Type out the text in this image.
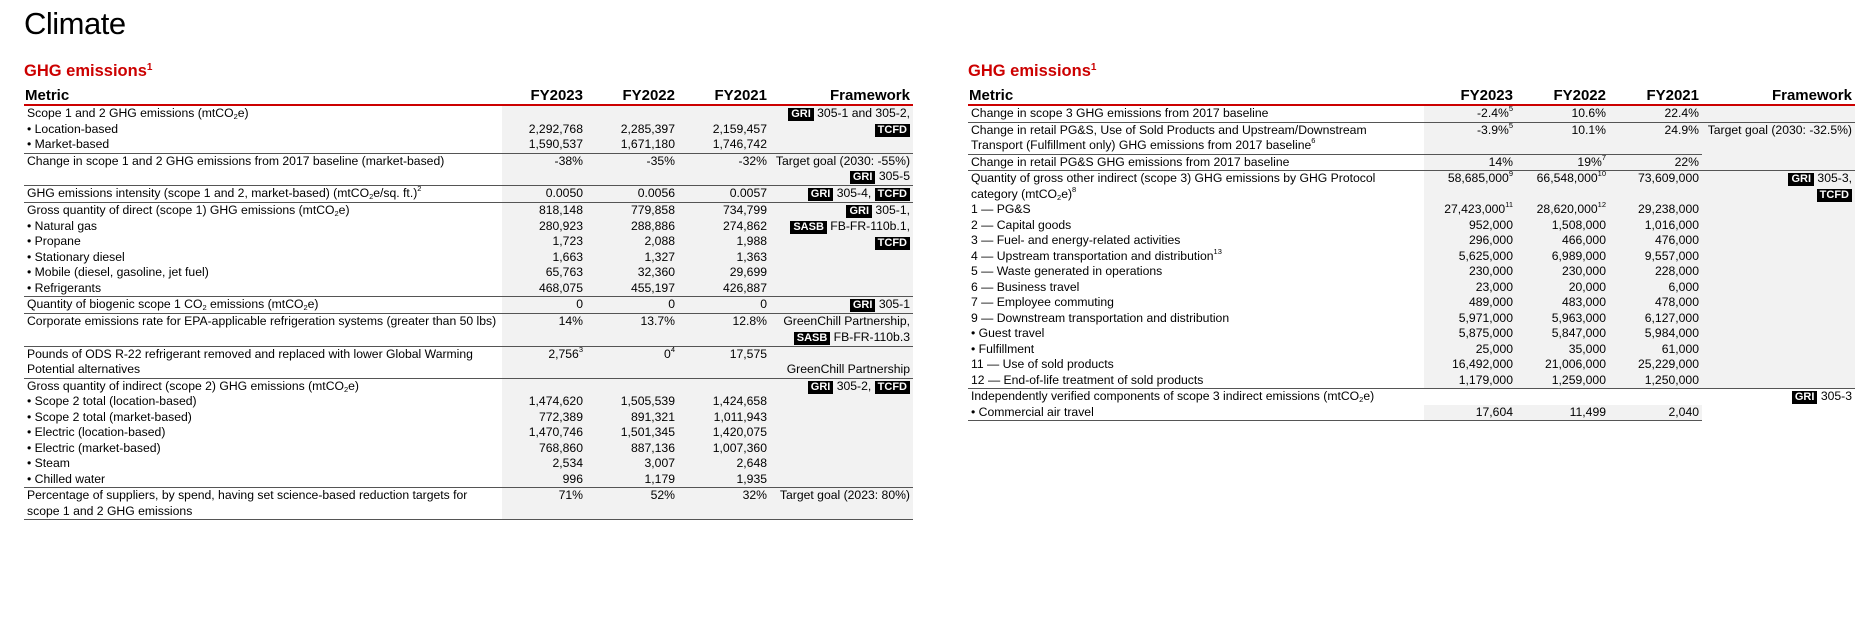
Climate
GHG emissions$^1$
Metric	FY2023	FY2022	FY2021	Framework
Scope 1 and 2 GHG emissions (mtCO$_2$e)				GRI 305-1 and 305-2,
TCFD
• Location-based	2,292,768	2,285,397	2,159,457	
• Market-based	1,590,537	1,671,180	1,746,742	
Change in scope 1 and 2 GHG emissions from 2017 baseline (market-based)	-38%	-35%	-32%	Target goal (2030: -55%)
GRI 305-5
GHG emissions intensity (scope 1 and 2, market-based) (mtCO$_2$e/sq. ft.)$^2$	0.0050	0.0056	0.0057	GRI 305-4, TCFD
Gross quantity of direct (scope 1) GHG emissions (mtCO$_2$e)	818,148	779,858	734,799	GRI 305-1,
SASB FB-FR-110b.1,
TCFD
• Natural gas	280,923	288,886	274,862	
• Propane	1,723	2,088	1,988	
• Stationary diesel	1,663	1,327	1,363	
• Mobile (diesel, gasoline, jet fuel)	65,763	32,360	29,699	
• Refrigerants	468,075	455,197	426,887	
Quantity of biogenic scope 1 $CO_2$ emissions (mtCO$_2$e)	0	0	0	GRI 305-1
Corporate emissions rate for EPA-applicable refrigeration systems (greater than 50 lbs)	14%	13.7%	12.8%	GreenChill Partnership,
SASB FB-FR-110b.3
Pounds of ODS R-22 refrigerant removed and replaced with lower Global Warming Potential alternatives	2,756$^3$	$0^4$	17,575	GreenChill Partnership
Gross quantity of indirect (scope 2) GHG emissions (mtCO$_2$e)				GRI 305-2, TCFD
• Scope 2 total (location-based)	1,474,620	1,505,539	1,424,658	
• Scope 2 total (market-based)	772,389	891,321	1,011,943	
• Electric (location-based)	1,470,746	1,501,345	1,420,075	
• Electric (market-based)	768,860	887,136	1,007,360	
• Steam	2,534	3,007	2,648	
• Chilled water	996	1,179	1,935	
Percentage of suppliers, by spend, having set science-based reduction targets for scope 1 and 2 GHG emissions	71%	52%	32%	Target goal (2023: 80%)
GHG emissions$^1$
Metric	FY2023	FY2022	FY2021	Framework
Change in scope 3 GHG emissions from 2017 baseline	-2.4%$^5$	10.6%	22.4%	
Change in retail PG&S, Use of Sold Products and Upstream/Downstream Transport (Fulfillment only) GHG emissions from 2017 baseline$^6$	-3.9%$^5$	10.1%	24.9%	Target goal (2030: -32.5%)
Change in retail PG&S GHG emissions from 2017 baseline	14%	19%$^7$	22%	
Quantity of gross other indirect (scope 3) GHG emissions by GHG Protocol category (mtCO$_2$e)$^8$	58,685,000$^9$	66,548,000$^{10}$	73,609,000	GRI 305-3,
TCFD
1 — PG&S	27,423,000$^{11}$	28,620,000$^{12}$	29,238,000	
2 — Capital goods	952,000	1,508,000	1,016,000	
3 — Fuel- and energy-related activities	296,000	466,000	476,000	
4 — Upstream transportation and distribution$^{13}$	5,625,000	6,989,000	9,557,000	
5 — Waste generated in operations	230,000	230,000	228,000	
6 — Business travel	23,000	20,000	6,000	
7 — Employee commuting	489,000	483,000	478,000	
9 — Downstream transportation and distribution	5,971,000	5,963,000	6,127,000	
• Guest travel	5,875,000	5,847,000	5,984,000	
• Fulfillment	25,000	35,000	61,000	
11 — Use of sold products	16,492,000	21,006,000	25,229,000	
12 — End-of-life treatment of sold products	1,179,000	1,259,000	1,250,000	
Independently verified components of scope 3 indirect emissions (mtCO$_2$e)				GRI 305-3
• Commercial air travel	17,604	11,499	2,040	
